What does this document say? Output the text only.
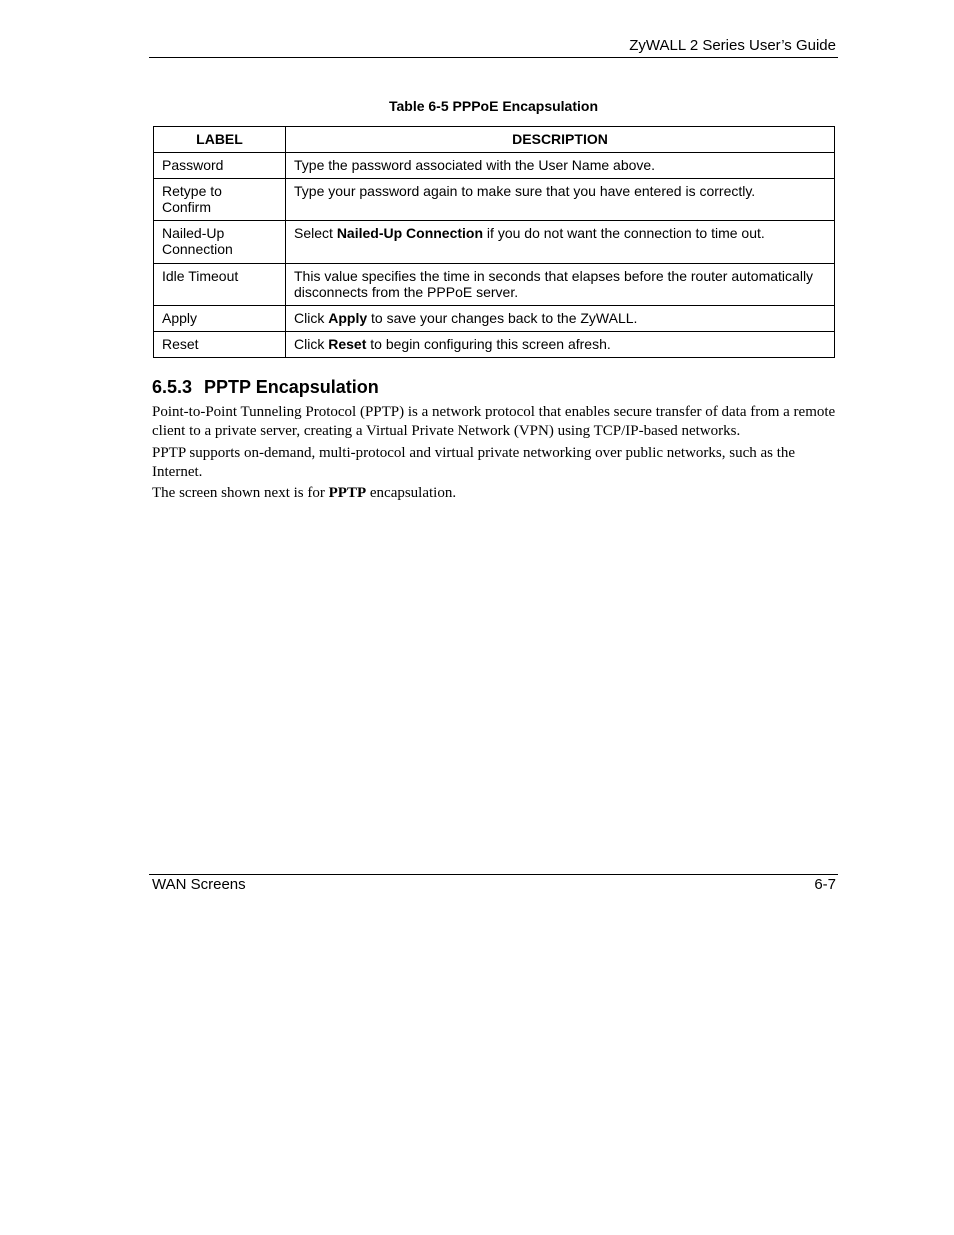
ZyWALL 2 Series User’s Guide
Table 6-5 PPPoE Encapsulation
LABEL	DESCRIPTION
Password	Type the password associated with the User Name above.
Retype to Confirm	Type your password again to make sure that you have entered is correctly.
Nailed-Up Connection	Select Nailed-Up Connection if you do not want the connection to time out.
Idle Timeout	This value specifies the time in seconds that elapses before the router automatically disconnects from the PPPoE server.
Apply	Click Apply to save your changes back to the ZyWALL.
Reset	Click Reset to begin configuring this screen afresh.
6.5.3 PPTP Encapsulation

Point-to-Point Tunneling Protocol (PPTP) is a network protocol that enables secure transfer of data from a remote client to a private server, creating a Virtual Private Network (VPN) using TCP/IP-based networks.

PPTP supports on-demand, multi-protocol and virtual private networking over public networks, such as the Internet.

The screen shown next is for PPTP encapsulation.

WAN Screens	6-7
